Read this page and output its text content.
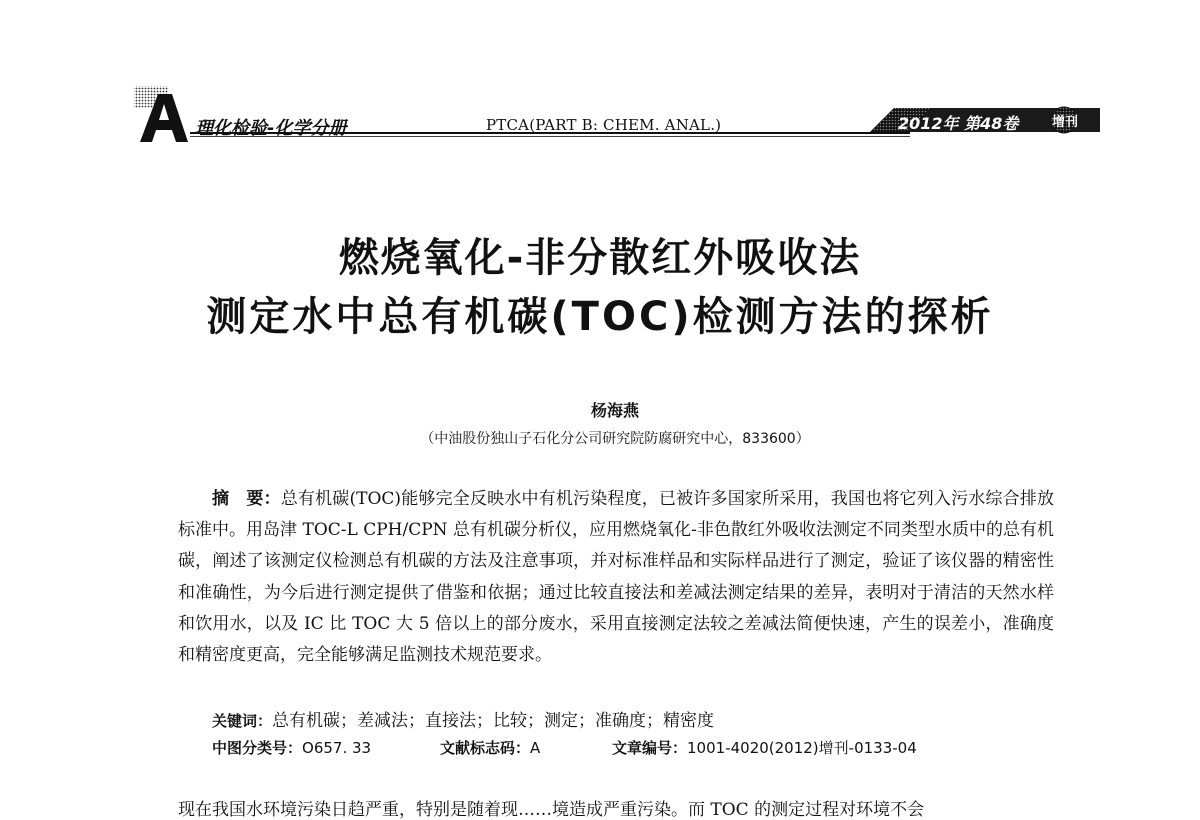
理化检验-化学分册	PTCA(PART B: CHEM. ANAL.)	2012年 第48卷	增刊
燃烧氧化-非分散红外吸收法
测定水中总有机碳(TOC)检测方法的探析
杨海燕
（中油股份独山子石化分公司研究院防腐研究中心，833600）
摘　要：总有机碳(TOC)能够完全反映水中有机污染程度，已被许多国家所采用，我国也将它列入污水综合排放标准中。用岛津 TOC-L CPH/CPN 总有机碳分析仪，应用燃烧氧化-非色散红外吸收法测定不同类型水质中的总有机碳，阐述了该测定仪检测总有机碳的方法及注意事项，并对标准样品和实际样品进行了测定，验证了该仪器的精密性和准确性，为今后进行测定提供了借鉴和依据；通过比较直接法和差减法测定结果的差异，表明对于清洁的天然水样和饮用水，以及 IC 比 TOC 大 5 倍以上的部分废水，采用直接测定法较之差减法简便快速，产生的误差小，准确度和精密度更高，完全能够满足监测技术规范要求。
关键词：总有机碳；差减法；直接法；比较；测定；准确度；精密度
中图分类号：O657. 33	文献标志码：A	文章编号：1001-4020(2012)增刊-0133-04
现在我国水环境污染日趋严重，特别是随着现……境造成严重污染。而 TOC 的测定过程对环境不会
